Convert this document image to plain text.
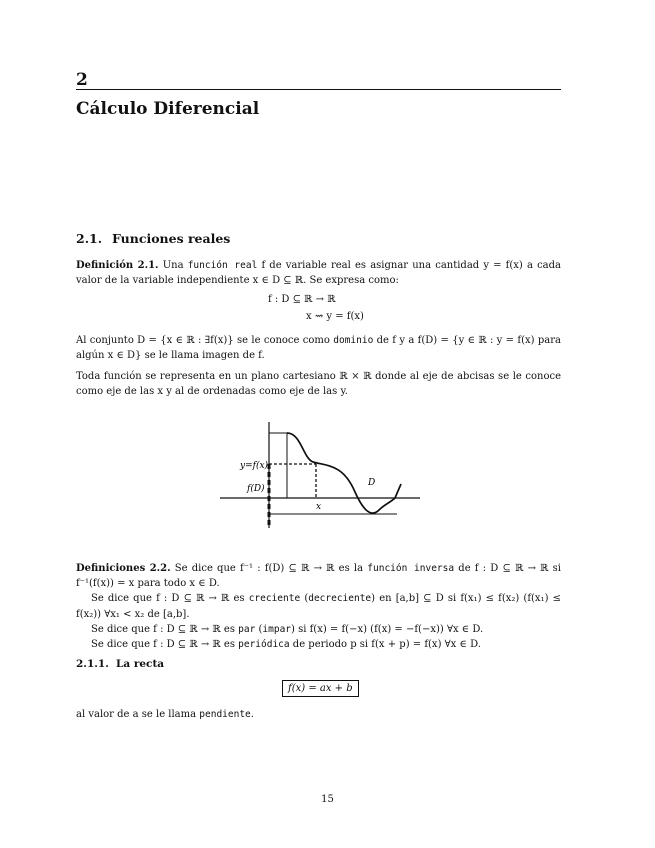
2
Cálculo Diferencial
2.1. Funciones reales
Definición 2.1. Una función real f de variable real es asignar una cantidad y = f(x) a cada valor de la variable independiente x ∈ D ⊆ ℝ. Se expresa como:
f : D ⊆ ℝ → ℝ
x ⇝ y = f(x)
Al conjunto D = {x ∈ ℝ : ∃f(x)} se le conoce como dominio de f y a f(D) = {y ∈ ℝ : y = f(x) para algún x ∈ D} se le llama imagen de f.
Toda función se representa en un plano cartesiano ℝ × ℝ donde al eje de abcisas se le conoce como eje de las x y al de ordenadas como eje de las y.
y=f(x)
f(D)
D
x
Definiciones 2.2. Se dice que f⁻¹ : f(D) ⊆ ℝ → ℝ es la función inversa de f : D ⊆ ℝ → ℝ si f⁻¹(f(x)) = x para todo x ∈ D.
Se dice que f : D ⊆ ℝ → ℝ es creciente (decreciente) en [a,b] ⊆ D si f(x₁) ≤ f(x₂) (f(x₁) ≤ f(x₂)) ∀x₁ < x₂ de [a,b].
Se dice que f : D ⊆ ℝ → ℝ es par (impar) si f(x) = f(−x) (f(x) = −f(−x)) ∀x ∈ D.
Se dice que f : D ⊆ ℝ → ℝ es periódica de periodo p si f(x + p) = f(x) ∀x ∈ D.
2.1.1. La recta
f(x) = ax + b
al valor de a se le llama pendiente.
15
